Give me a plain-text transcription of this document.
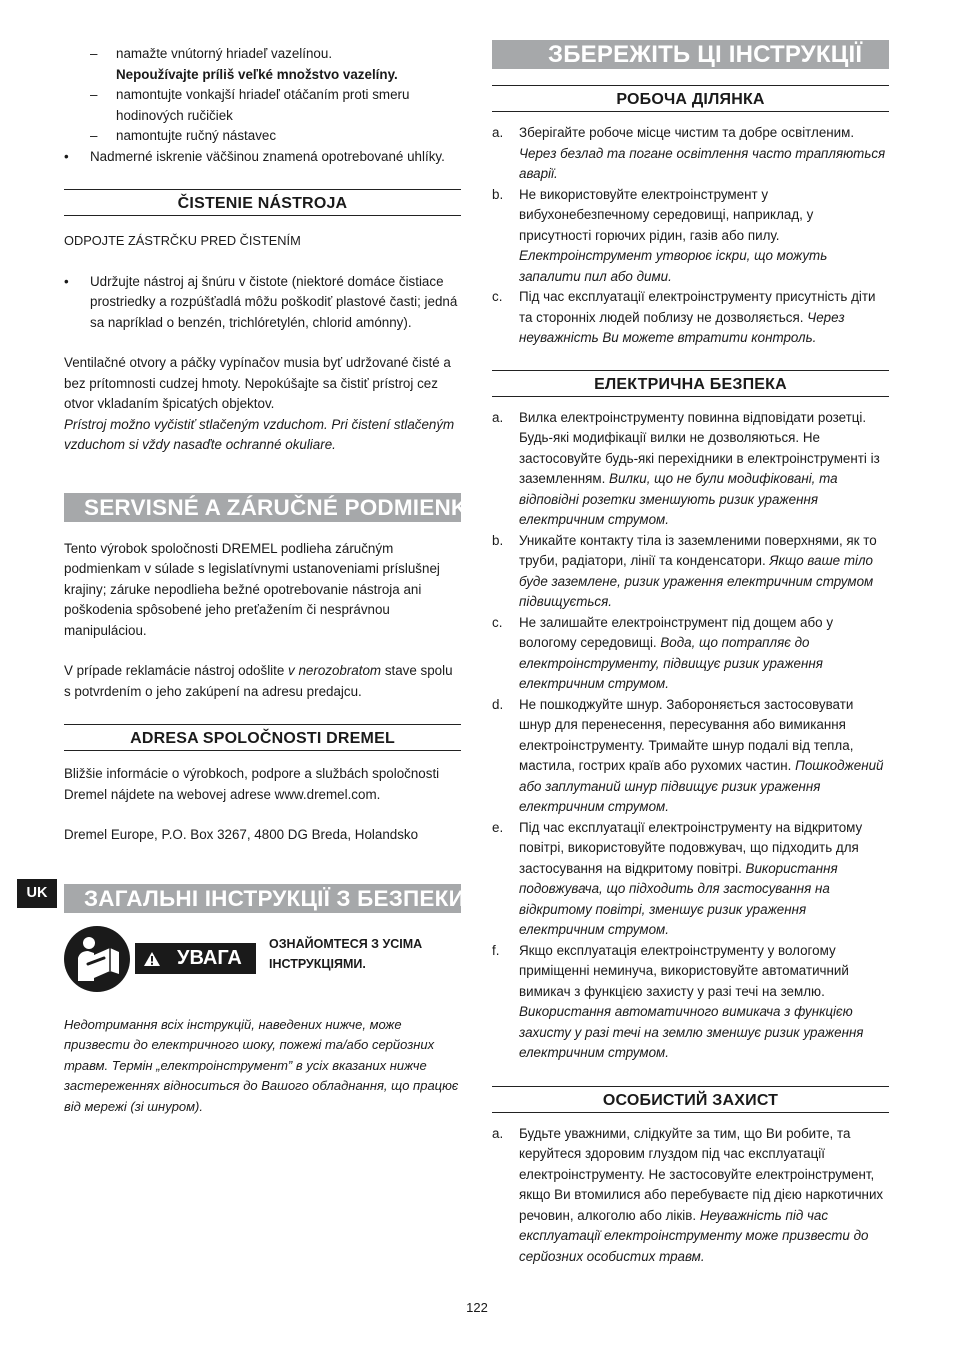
– namažte vnútorný hriadeľ vazelínou.
Nepoužívajte príliš veľké množstvo vazelíny.
– namontujte vonkajší hriadeľ otáčaním proti smeru hodinových ručičiek
– namontujte ručný nástavec
• Nadmerné iskrenie väčšinou znamená opotrebované uhlíky.
ČISTENIE NÁSTROJA
ODPOJTE ZÁSTRČKU PRED ČISTENÍM
• Udržujte nástroj aj šnúru v čistote (niektoré domáce čistiace prostriedky a rozpúšťadlá môžu poškodiť plastové časti; jedná sa napríklad o benzén, trichlóretylén, chlorid amónny).
Ventilačné otvory a páčky vypínačov musia byť udržované čisté a bez prítomnosti cudzej hmoty. Nepokúšajte sa čistiť prístroj cez otvor vkladaním špicatých objektov.
Prístroj možno vyčistiť stlačeným vzduchom. Pri čistení stlačeným vzduchom si vždy nasaďte ochranné okuliare.
SERVISNÉ A ZÁRUČNÉ PODMIENKY
Tento výrobok spoločnosti DREMEL podlieha záručným podmienkam v súlade s legislatívnymi ustanoveniami príslušnej krajiny; záruke nepodlieha bežné opotrebovanie nástroja ani poškodenia spôsobené jeho preťažením či nesprávnou manipuláciou.
V prípade reklamácie nástroj odošlite v nerozobratom stave spolu s potvrdením o jeho zakúpení na adresu predajcu.
ADRESA SPOLOČNOSTI DREMEL
Bližšie informácie o výrobkoch, podpore a službách spoločnosti Dremel nájdete na webovej adrese www.dremel.com.
Dremel Europe, P.O. Box 3267, 4800 DG Breda, Holandsko
ЗАГАЛЬНІ ІНСТРУКЦІЇ З БЕЗПЕКИ
УВАГА
ОЗНАЙОМТЕСЯ З УСІМА ІНСТРУКЦІЯМИ.
Недотримання всіх інструкцій, наведених нижче, може призвести до електричного шоку, пожежі та/або серйозних травм. Термін „електроінструмент” в усіх вказаних нижче застереженнях відноситься до Вашого обладнання, що працює від мережі (зі шнуром).
UK
ЗБЕРЕЖІТЬ ЦІ ІНСТРУКЦІЇ
РОБОЧА ДІЛЯНКА
a. Зберігайте робоче місце чистим та добре освітленим. Через безлад та погане освітлення часто трапляються аварії.
b. Не використовуйте електроінструмент у вибухонебезпечному середовищі, наприклад, у присутності горючих рідин, газів або пилу. Електроінструмент утворює іскри, що можуть запалити пил або дими.
c. Під час експлуатації електроінструменту присутність діти та сторонніх людей поблизу не дозволяється. Через неуважність Ви можете втратити контроль.
ЕЛЕКТРИЧНА БЕЗПЕКА
a. Вилка електроінструменту повинна відповідати розетці. Будь-які модифікації вилки не дозволяються. Не застосовуйте будь-які перехідники в електроінструменті із заземленням. Вилки, що не були модифіковані, та відповідні розетки зменшують ризик ураження електричним струмом.
b. Уникайте контакту тіла із заземленими поверхнями, як то труби, радіатори, лінії та конденсатори. Якщо ваше тіло буде заземлене, ризик ураження електричним струмом підвищується.
c. Не залишайте електроінструмент під дощем або у вологому середовищі. Вода, що потрапляє до електроінструменту, підвищує ризик ураження електричним струмом.
d. Не пошкоджуйте шнур. Забороняється застосовувати шнур для перенесення, пересування або вимикання електроінструменту. Тримайте шнур подалі від тепла, мастила, гострих країв або рухомих частин. Пошкоджений або заплутаний шнур підвищує ризик ураження електричним струмом.
e. Під час експлуатації електроінструменту на відкритому повітрі, використовуйте подовжувач, що підходить для застосування на відкритому повітрі. Використання подовжувача, що підходить для застосування на відкритому повітрі, зменшує ризик ураження електричним струмом.
f. Якщо експлуатація електроінструменту у вологому приміщенні неминуча, використовуйте автоматичний вимикач з функцією захисту у разі течі на землю. Використання автоматичного вимикача з функцією захисту у разі течі на землю зменшує ризик ураження електричним струмом.
ОСОБИСТИЙ ЗАХИСТ
a. Будьте уважними, слідкуйте за тим, що Ви робите, та керуйтеся здоровим глуздом під час експлуатації електроінструменту. Не застосовуйте електроінструмент, якщо Ви втомилися або перебуваєте під дією наркотичних речовин, алкоголю або ліків. Неуважність під час експлуатації електроінструменту може призвести до серйозних особистих травм.
122
